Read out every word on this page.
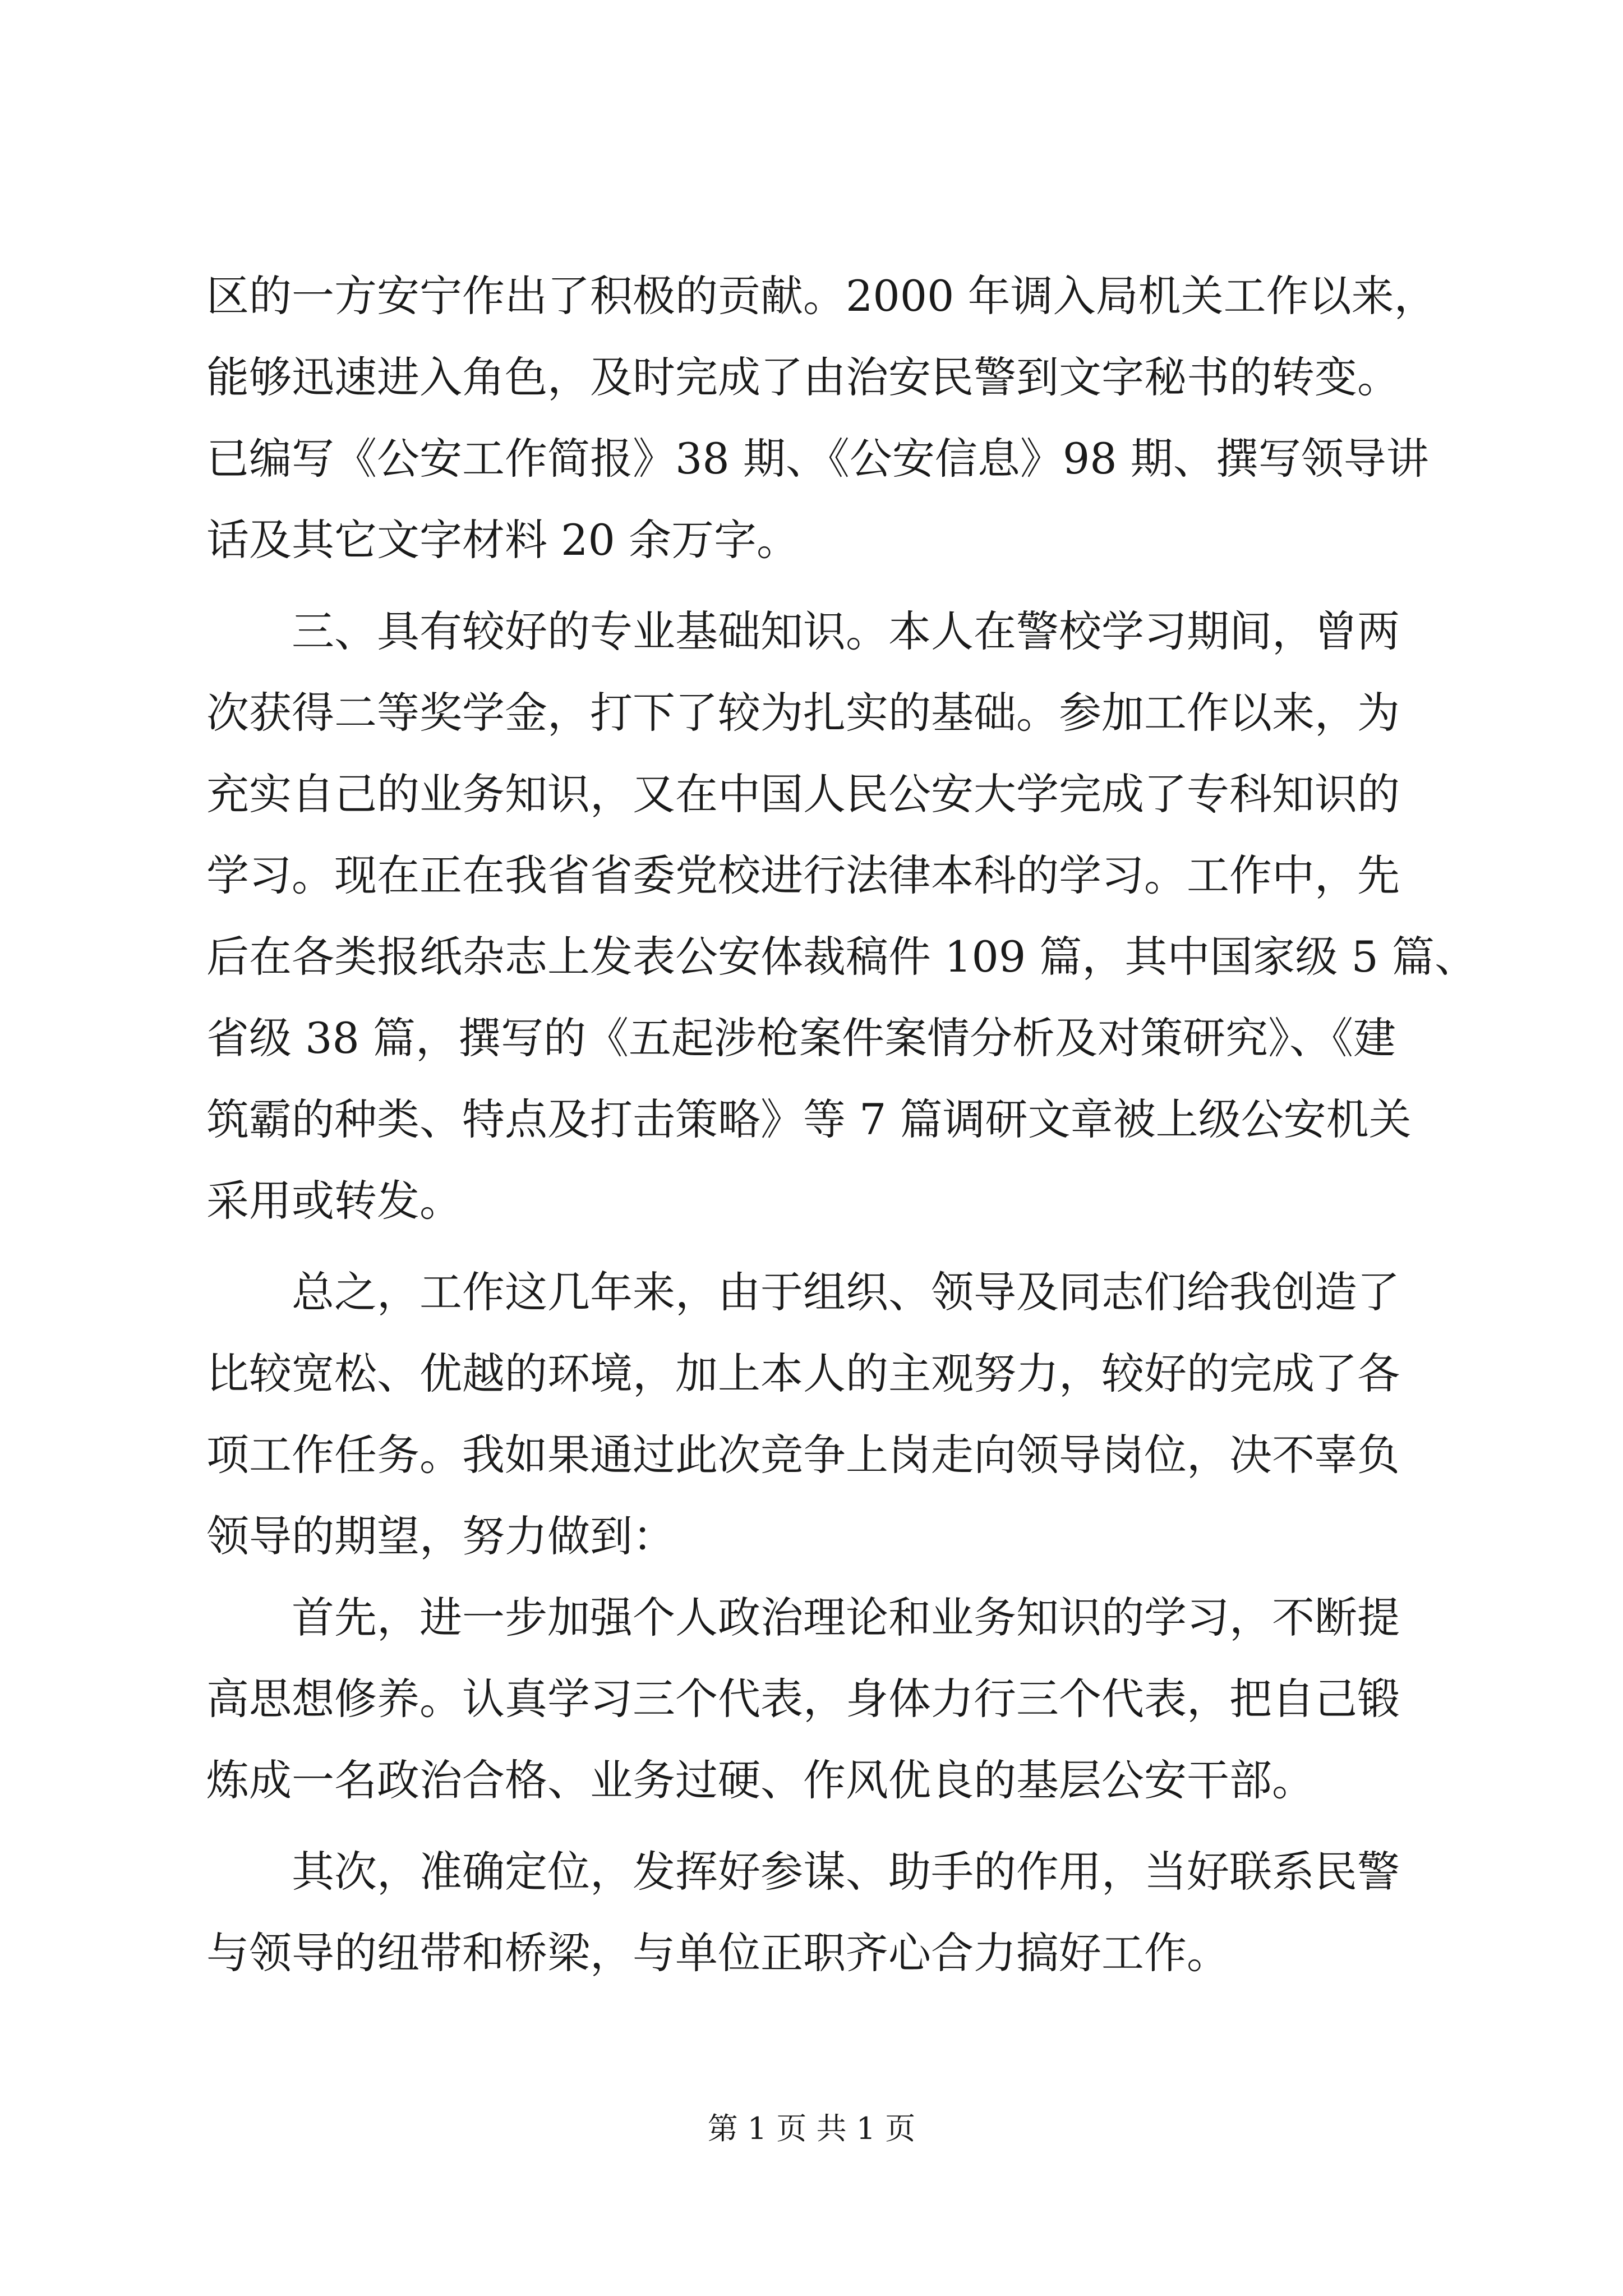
区的一方安宁作出了积极的贡献。2000 年调入局机关工作以来，
能够迅速进入角色，及时完成了由治安民警到文字秘书的转变。
已编写《公安工作简报》38 期、《公安信息》98 期、撰写领导讲
话及其它文字材料 20 余万字。
三、具有较好的专业基础知识。本人在警校学习期间，曾两
次获得二等奖学金，打下了较为扎实的基础。参加工作以来，为
充实自己的业务知识，又在中国人民公安大学完成了专科知识的
学习。现在正在我省省委党校进行法律本科的学习。工作中，先
后在各类报纸杂志上发表公安体裁稿件 109 篇，其中国家级 5 篇、
省级 38 篇，撰写的《五起涉枪案件案情分析及对策研究》、《建
筑霸的种类、特点及打击策略》等 7 篇调研文章被上级公安机关
采用或转发。
总之，工作这几年来，由于组织、领导及同志们给我创造了
比较宽松、优越的环境，加上本人的主观努力，较好的完成了各
项工作任务。我如果通过此次竞争上岗走向领导岗位，决不辜负
领导的期望，努力做到：
首先，进一步加强个人政治理论和业务知识的学习，不断提
高思想修养。认真学习三个代表，身体力行三个代表，把自己锻
炼成一名政治合格、业务过硬、作风优良的基层公安干部。
其次，准确定位，发挥好参谋、助手的作用，当好联系民警
与领导的纽带和桥梁，与单位正职齐心合力搞好工作。
第 1 页 共 1 页
